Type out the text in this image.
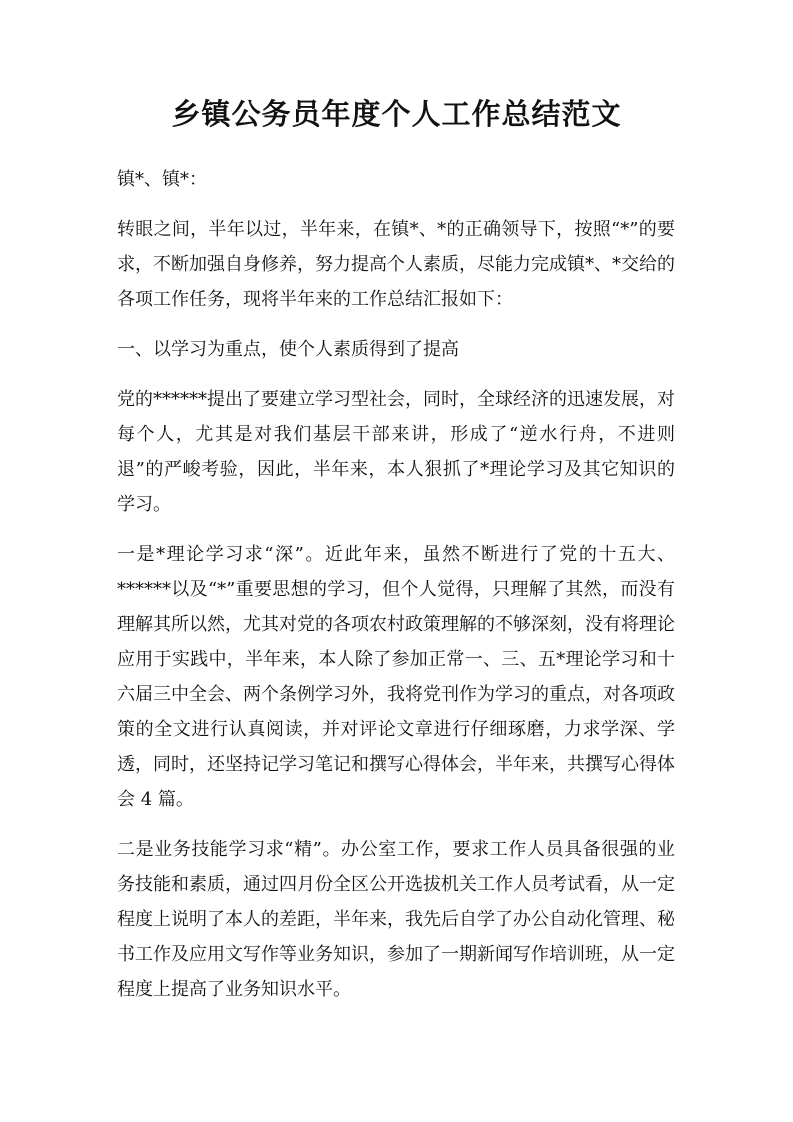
乡镇公务员年度个人工作总结范文

镇*、镇*：

转眼之间，半年以过，半年来，在镇*、*的正确领导下，按照“*”的要求，不断加强自身修养，努力提高个人素质，尽能力完成镇*、*交给的各项工作任务，现将半年来的工作总结汇报如下：

一、以学习为重点，使个人素质得到了提高

党的******提出了要建立学习型社会，同时，全球经济的迅速发展，对每个人，尤其是对我们基层干部来讲，形成了“逆水行舟，不进则退”的严峻考验，因此，半年来，本人狠抓了*理论学习及其它知识的学习。

一是*理论学习求“深”。近此年来，虽然不断进行了党的十五大、******以及“*”重要思想的学习，但个人觉得，只理解了其然，而没有理解其所以然，尤其对党的各项农村政策理解的不够深刻，没有将理论应用于实践中，半年来，本人除了参加正常一、三、五*理论学习和十六届三中全会、两个条例学习外，我将党刊作为学习的重点，对各项政策的全文进行认真阅读，并对评论文章进行仔细琢磨，力求学深、学透，同时，还坚持记学习笔记和撰写心得体会，半年来，共撰写心得体会 4 篇。

二是业务技能学习求“精”。办公室工作，要求工作人员具备很强的业务技能和素质，通过四月份全区公开选拔机关工作人员考试看，从一定程度上说明了本人的差距，半年来，我先后自学了办公自动化管理、秘书工作及应用文写作等业务知识，参加了一期新闻写作培训班，从一定程度上提高了业务知识水平。
